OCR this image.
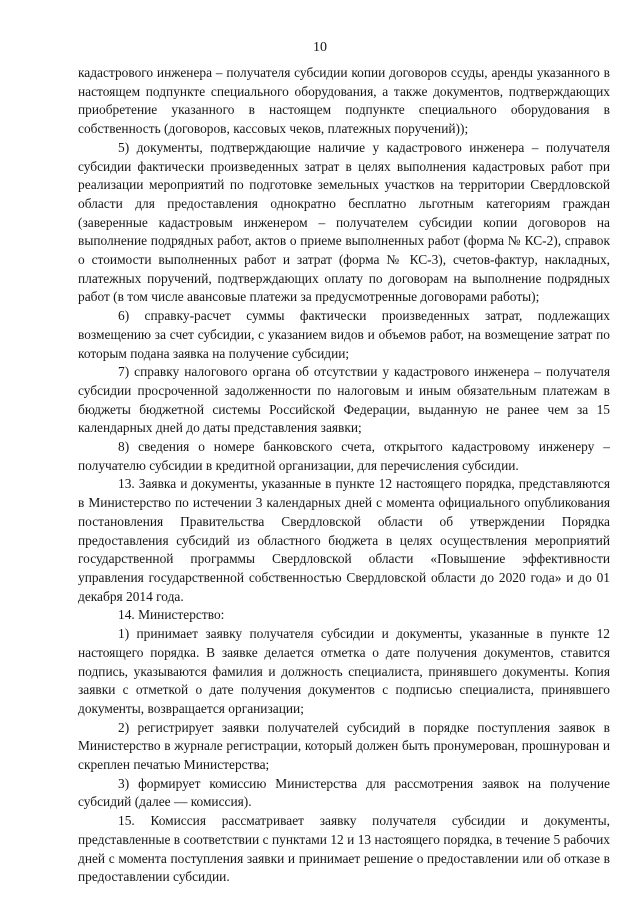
10

кадастрового инженера – получателя субсидии копии договоров ссуды, аренды указанного в настоящем подпункте специального оборудования, а также документов, подтверждающих приобретение указанного в настоящем подпункте специального оборудования в собственность (договоров, кассовых чеков, платежных поручений));

5) документы, подтверждающие наличие у кадастрового инженера – получателя субсидии фактически произведенных затрат в целях выполнения кадастровых работ при реализации мероприятий по подготовке земельных участков на территории Свердловской области для предоставления однократно бесплатно льготным категориям граждан (заверенные кадастровым инженером – получателем субсидии копии договоров на выполнение подрядных работ, актов о приеме выполненных работ (форма № КС-2), справок о стоимости выполненных работ и затрат (форма № КС-3), счетов-фактур, накладных, платежных поручений, подтверждающих оплату по договорам на выполнение подрядных работ (в том числе авансовые платежи за предусмотренные договорами работы);

6) справку-расчет суммы фактически произведенных затрат, подлежащих возмещению за счет субсидии, с указанием видов и объемов работ, на возмещение затрат по которым подана заявка на получение субсидии;

7) справку налогового органа об отсутствии у кадастрового инженера – получателя субсидии просроченной задолженности по налоговым и иным обязательным платежам в бюджеты бюджетной системы Российской Федерации, выданную не ранее чем за 15 календарных дней до даты представления заявки;

8) сведения о номере банковского счета, открытого кадастровому инженеру – получателю субсидии в кредитной организации, для перечисления субсидии.

13. Заявка и документы, указанные в пункте 12 настоящего порядка, представляются в Министерство по истечении 3 календарных дней с момента официального опубликования постановления Правительства Свердловской области об утверждении Порядка предоставления субсидий из областного бюджета в целях осуществления мероприятий государственной программы Свердловской области «Повышение эффективности управления государственной собственностью Свердловской области до 2020 года» и до 01 декабря 2014 года.

14. Министерство:

1) принимает заявку получателя субсидии и документы, указанные в пункте 12 настоящего порядка. В заявке делается отметка о дате получения документов, ставится подпись, указываются фамилия и должность специалиста, принявшего документы. Копия заявки с отметкой о дате получения документов с подписью специалиста, принявшего документы, возвращается организации;

2) регистрирует заявки получателей субсидий в порядке поступления заявок в Министерство в журнале регистрации, который должен быть пронумерован, прошнурован и скреплен печатью Министерства;

3) формирует комиссию Министерства для рассмотрения заявок на получение субсидий (далее — комиссия).

15. Комиссия рассматривает заявку получателя субсидии и документы, представленные в соответствии с пунктами 12 и 13 настоящего порядка, в течение 5 рабочих дней с момента поступления заявки и принимает решение о предоставлении или об отказе в предоставлении субсидии.
